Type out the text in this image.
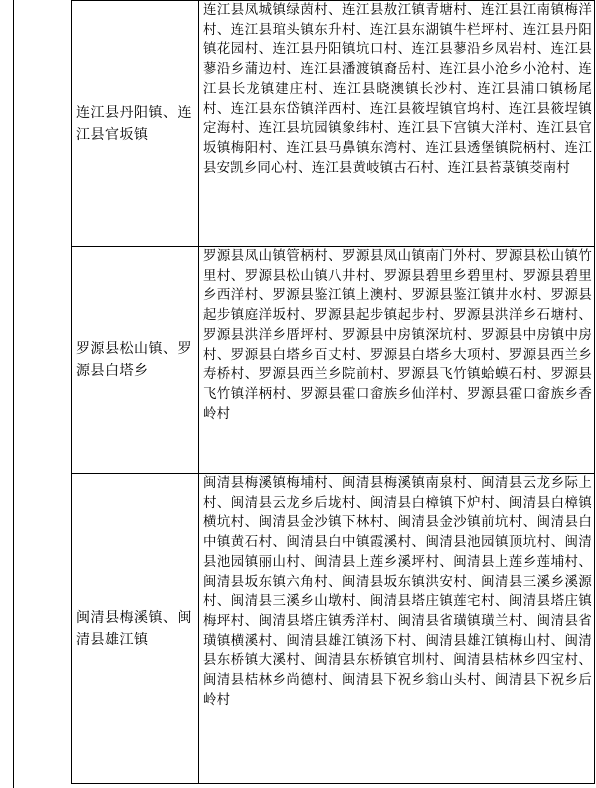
连江县丹阳镇、连江县官坂镇	连江县凤城镇绿茵村、连江县敖江镇青塘村、连江县江南镇梅洋村、连江县琯头镇东升村、连江县东湖镇牛栏坪村、连江县丹阳镇花园村、连江县丹阳镇坑口村、连江县蓼沿乡凤岩村、连江县蓼沿乡蒲边村、连江县潘渡镇裔岳村、连江县小沧乡小沧村、连江县长龙镇建庄村、连江县晓澳镇长沙村、连江县浦口镇杨尾村、连江县东岱镇洋西村、连江县筱埕镇官坞村、连江县筱埕镇定海村、连江县坑园镇象纬村、连江县下宫镇大洋村、连江县官坂镇梅阳村、连江县马鼻镇东湾村、连江县透堡镇院柄村、连江县安凯乡同心村、连江县黄岐镇古石村、连江县苔菉镇茭南村

罗源县松山镇、罗源县白塔乡	罗源县凤山镇管柄村、罗源县凤山镇南门外村、罗源县松山镇竹里村、罗源县松山镇八井村、罗源县碧里乡碧里村、罗源县碧里乡西洋村、罗源县鉴江镇上澳村、罗源县鉴江镇井水村、罗源县起步镇庭洋坂村、罗源县起步镇起步村、罗源县洪洋乡石塘村、罗源县洪洋乡厝坪村、罗源县中房镇深坑村、罗源县中房镇中房村、罗源县白塔乡百丈村、罗源县白塔乡大项村、罗源县西兰乡寿桥村、罗源县西兰乡院前村、罗源县飞竹镇蛤蟆石村、罗源县飞竹镇洋柄村、罗源县霍口畲族乡仙洋村、罗源县霍口畲族乡香岭村

闽清县梅溪镇、闽清县雄江镇	闽清县梅溪镇梅埔村、闽清县梅溪镇南泉村、闽清县云龙乡际上村、闽清县云龙乡后垅村、闽清县白樟镇下炉村、闽清县白樟镇横坑村、闽清县金沙镇下林村、闽清县金沙镇前坑村、闽清县白中镇黄石村、闽清县白中镇霞溪村、闽清县池园镇顶坑村、闽清县池园镇丽山村、闽清县上莲乡溪坪村、闽清县上莲乡莲埔村、闽清县坂东镇六角村、闽清县坂东镇洪安村、闽清县三溪乡溪源村、闽清县三溪乡山墩村、闽清县塔庄镇莲宅村、闽清县塔庄镇梅坪村、闽清县塔庄镇秀洋村、闽清县省璜镇璜兰村、闽清县省璜镇横溪村、闽清县雄江镇汤下村、闽清县雄江镇梅山村、闽清县东桥镇大溪村、闽清县东桥镇官圳村、闽清县桔林乡四宝村、闽清县桔林乡尚德村、闽清县下祝乡翁山头村、闽清县下祝乡后岭村
